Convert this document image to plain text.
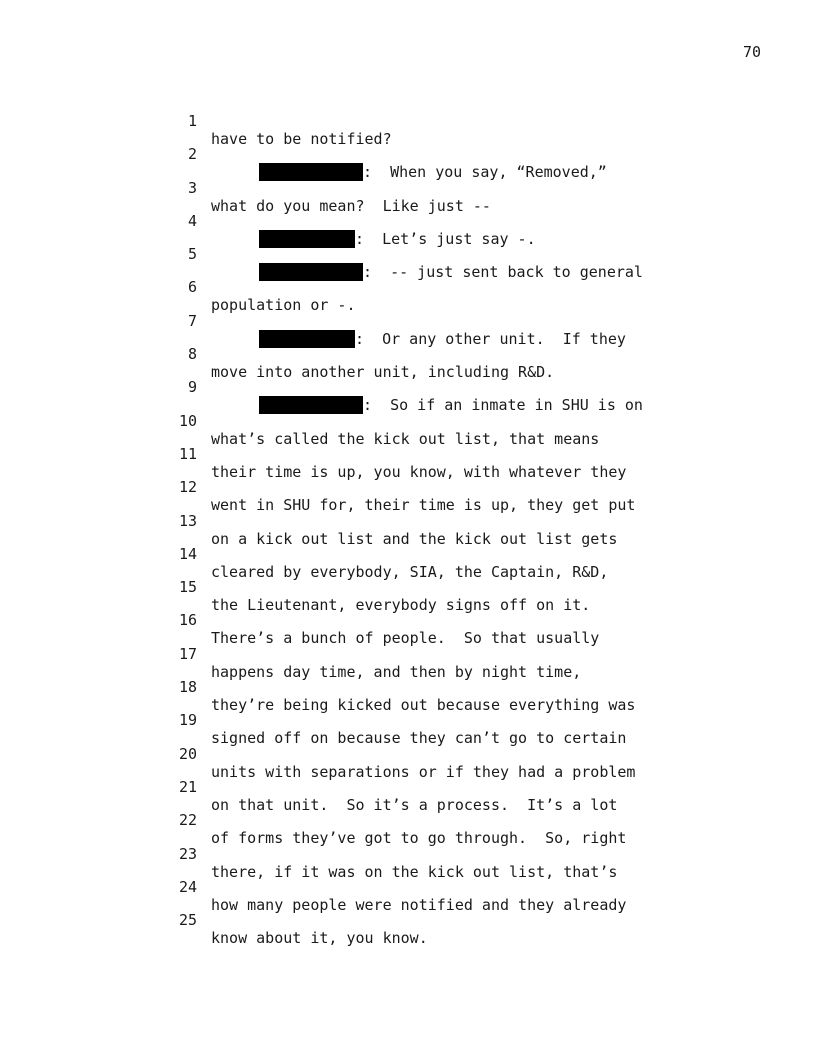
70

1

have to be notified?

2

:  When you say, “Removed,”

3

what do you mean?  Like just --

4

:  Let’s just say -.

5

:  -- just sent back to general

6

population or -.

7

:  Or any other unit.  If they

8

move into another unit, including R&D.

9

:  So if an inmate in SHU is on

10

what’s called the kick out list, that means

11

their time is up, you know, with whatever they

12

went in SHU for, their time is up, they get put

13

on a kick out list and the kick out list gets

14

cleared by everybody, SIA, the Captain, R&D,

15

the Lieutenant, everybody signs off on it.

16

There’s a bunch of people.  So that usually

17

happens day time, and then by night time,

18

they’re being kicked out because everything was

19

signed off on because they can’t go to certain

20

units with separations or if they had a problem

21

on that unit.  So it’s a process.  It’s a lot

22

of forms they’ve got to go through.  So, right

23

there, if it was on the kick out list, that’s

24

how many people were notified and they already

25

know about it, you know.
